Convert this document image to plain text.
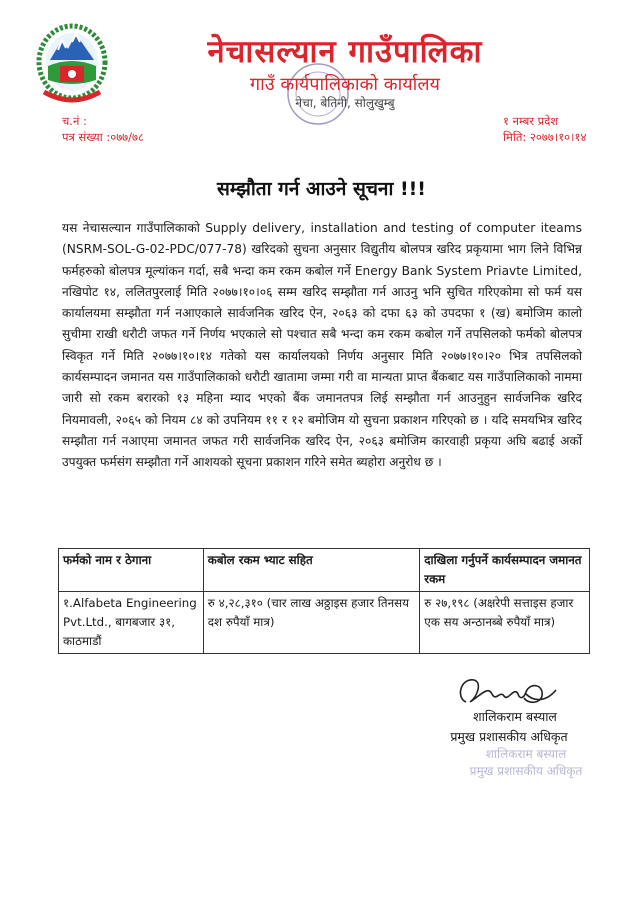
नेचासल्यान गाउँपालिका
गाउँ कार्यपालिकाको कार्यालय
नेचा, बेतिनी, सोलुखुम्बु
च.नं :
पत्र संख्या :०७७/७८
१ नम्बर प्रदेश
मिति: २०७७।१०।१४
सम्झौता गर्न आउने सूचना !!!

यस नेचासल्यान गाउँपालिकाको Supply delivery, installation and testing of computer iteams (NSRM-SOL-G-02-PDC/077-78) खरिदको सुचना अनुसार विद्युतीय बोलपत्र खरिद प्रकृयामा भाग लिने विभिन्न फर्महरुको बोलपत्र मूल्यांकन गर्दा, सबै भन्दा कम रकम कबोल गर्ने Energy Bank System Priavte Limited, नखिपोट १४, ललितपुरलाई मिति २०७७।१०।०६ सम्म खरिद सम्झौता गर्न आउनु भनि सुचित गरिएकोमा सो फर्म यस कार्यालयमा सम्झौता गर्न नआएकाले सार्वजनिक खरिद ऐन, २०६३ को दफा ६३ को उपदफा १ (ख) बमोजिम कालो सुचीमा राखी धरौटी जफत गर्ने निर्णय भएकाले सो पश्चात सबै भन्दा कम रकम कबोल गर्ने तपसिलको फर्मको बोलपत्र स्विकृत गर्ने मिति २०७७।१०।१४ गतेको यस कार्यालयको निर्णय अनुसार मिति २०७७।१०।२० भित्र तपसिलको कार्यसम्पादन जमानत यस गाउँपालिकाको धरौटी खातामा जम्मा गरी वा मान्यता प्राप्त बैंकबाट यस गाउँपालिकाको नाममा जारी सो रकम बरारको १३ महिना म्याद भएको बैंक जमानतपत्र लिई सम्झौता गर्न आउनुहुन सार्वजनिक खरिद नियमावली, २०६५ को नियम ८४ को उपनियम ११ र १२ बमोजिम यो सुचना प्रकाशन गरिएको छ । यदि समयभित्र खरिद सम्झौता गर्न नआएमा जमानत जफत गरी सार्वजनिक खरिद ऐन, २०६३ बमोजिम कारवाही प्रकृया अघि बढाई अर्को उपयुक्त फर्मसंग सम्झौता गर्ने आशयको सूचना प्रकाशन गरिने समेत ब्यहोरा अनुरोध छ ।

फर्मको नाम र ठेगाना	कबोल रकम भ्याट सहित	दाखिला गर्नुपर्ने कार्यसम्पादन जमानत रकम
१.Alfabeta Engineering Pvt.Ltd., बागबजार ३१, काठमाडौं	रु ४,२८,३१० (चार लाख अठ्ठाइस हजार तिनसय दश रुपैयाँ मात्र)	रु २७,१९८ (अक्षरेपी सत्ताइस हजार एक सय अन्ठानब्बे रुपैयाँ मात्र)
शालिकराम बस्याल
प्रमुख प्रशासकीय अधिकृत
शालिकराम बस्याल
प्रमुख प्रशासकीय अधिकृत
